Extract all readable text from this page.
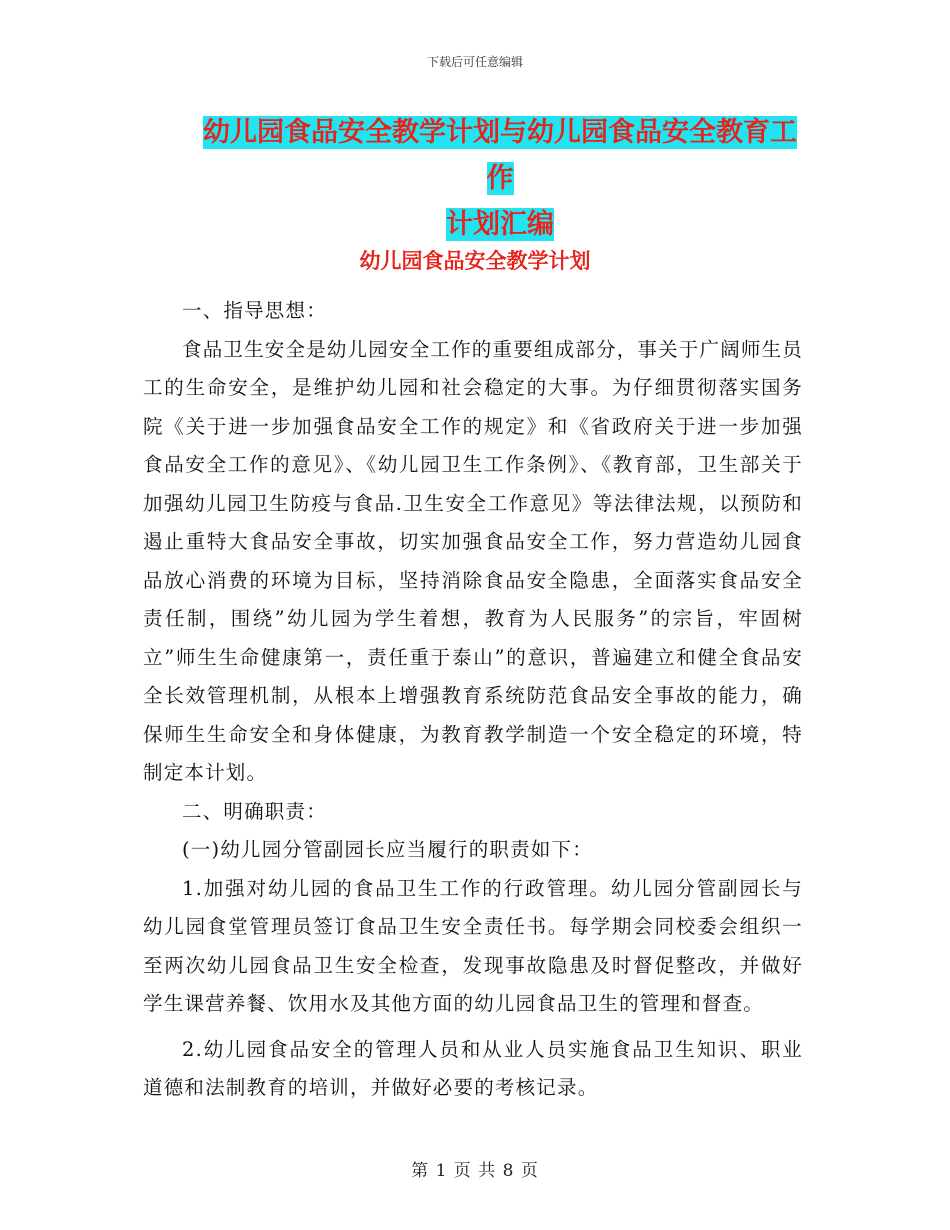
下载后可任意编辑
幼儿园食品安全教学计划与幼儿园食品安全教育工作
计划汇编
幼儿园食品安全教学计划

一、指导思想：

食品卫生安全是幼儿园安全工作的重要组成部分，事关于广阔师生员工的生命安全，是维护幼儿园和社会稳定的大事。为仔细贯彻落实国务院《关于进一步加强食品安全工作的规定》和《省政府关于进一步加强食品安全工作的意见》、《幼儿园卫生工作条例》、《教育部，卫生部关于加强幼儿园卫生防疫与食品.卫生安全工作意见》等法律法规，以预防和遏止重特大食品安全事故，切实加强食品安全工作，努力营造幼儿园食品放心消费的环境为目标，坚持消除食品安全隐患，全面落实食品安全责任制，围绕”幼儿园为学生着想，教育为人民服务”的宗旨，牢固树立”师生生命健康第一，责任重于泰山”的意识，普遍建立和健全食品安全长效管理机制，从根本上增强教育系统防范食品安全事故的能力，确保师生生命安全和身体健康，为教育教学制造一个安全稳定的环境，特制定本计划。

二、明确职责：

(一)幼儿园分管副园长应当履行的职责如下：

1.加强对幼儿园的食品卫生工作的行政管理。幼儿园分管副园长与幼儿园食堂管理员签订食品卫生安全责任书。每学期会同校委会组织一至两次幼儿园食品卫生安全检查，发现事故隐患及时督促整改，并做好学生课营养餐、饮用水及其他方面的幼儿园食品卫生的管理和督查。

2.幼儿园食品安全的管理人员和从业人员实施食品卫生知识、职业道德和法制教育的培训，并做好必要的考核记录。

第 1 页 共 8 页
